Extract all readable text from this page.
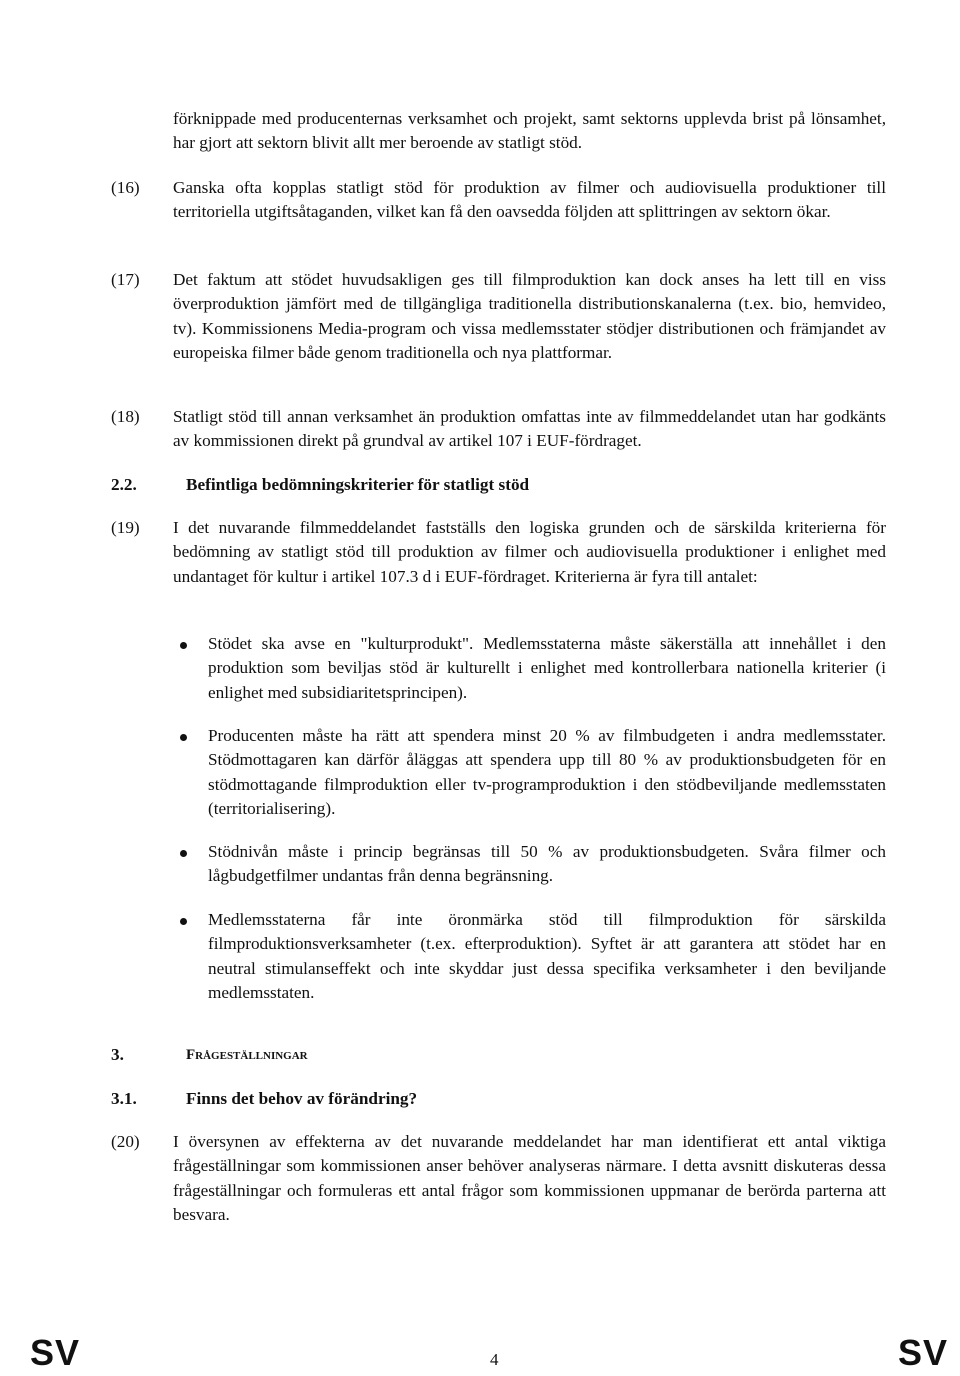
förknippade med producenternas verksamhet och projekt, samt sektorns upplevda brist på lönsamhet, har gjort att sektorn blivit allt mer beroende av statligt stöd.
(16) Ganska ofta kopplas statligt stöd för produktion av filmer och audiovisuella produktioner till territoriella utgiftsåtaganden, vilket kan få den oavsedda följden att splittringen av sektorn ökar.
(17) Det faktum att stödet huvudsakligen ges till filmproduktion kan dock anses ha lett till en viss överproduktion jämfört med de tillgängliga traditionella distributionskanalerna (t.ex. bio, hemvideo, tv). Kommissionens Media-program och vissa medlemsstater stödjer distributionen och främjandet av europeiska filmer både genom traditionella och nya plattformar.
(18) Statligt stöd till annan verksamhet än produktion omfattas inte av filmmeddelandet utan har godkänts av kommissionen direkt på grundval av artikel 107 i EUF-fördraget.
2.2.	Befintliga bedömningskriterier för statligt stöd
(19) I det nuvarande filmmeddelandet fastställs den logiska grunden och de särskilda kriterierna för bedömning av statligt stöd till produktion av filmer och audiovisuella produktioner i enlighet med undantaget för kultur i artikel 107.3 d i EUF-fördraget. Kriterierna är fyra till antalet:
Stödet ska avse en "kulturprodukt". Medlemsstaterna måste säkerställa att innehållet i den produktion som beviljas stöd är kulturellt i enlighet med kontrollerbara nationella kriterier (i enlighet med subsidiaritetsprincipen).
Producenten måste ha rätt att spendera minst 20 % av filmbudgeten i andra medlemsstater. Stödmottagaren kan därför åläggas att spendera upp till 80 % av produktionsbudgeten för en stödmottagande filmproduktion eller tv-programproduktion i den stödbeviljande medlemsstaten (territorialisering).
Stödnivån måste i princip begränsas till 50 % av produktionsbudgeten. Svåra filmer och lågbudgetfilmer undantas från denna begränsning.
Medlemsstaterna får inte öronmärka stöd till filmproduktion för särskilda filmproduktionsverksamheter (t.ex. efterproduktion). Syftet är att garantera att stödet har en neutral stimulanseffekt och inte skyddar just dessa specifika verksamheter i den beviljande medlemsstaten.
3.	Frågeställningar
3.1.	Finns det behov av förändring?
(20) I översynen av effekterna av det nuvarande meddelandet har man identifierat ett antal viktiga frågeställningar som kommissionen anser behöver analyseras närmare. I detta avsnitt diskuteras dessa frågeställningar och formuleras ett antal frågor som kommissionen uppmanar de berörda parterna att besvara.
SV	4	SV
